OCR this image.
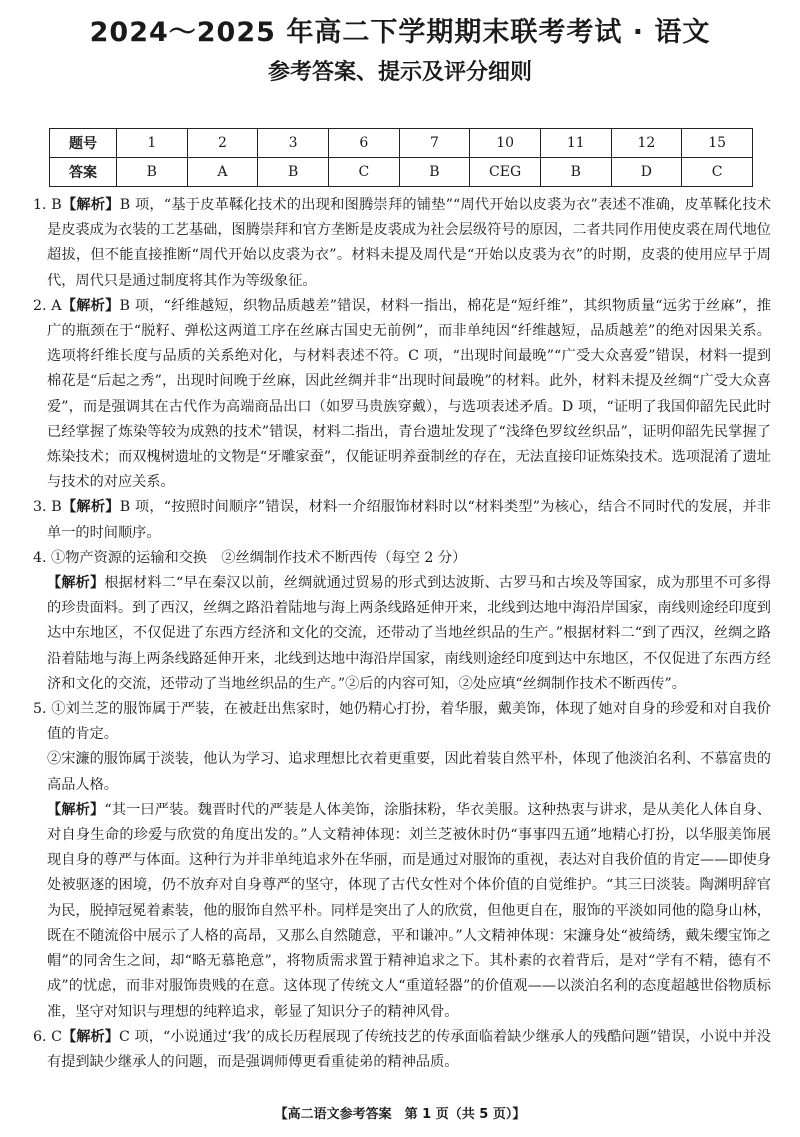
2024～2025 年高二下学期期末联考考试 · 语文
参考答案、提示及评分细则
题号	1	2	3	6	7	10	11	12	15
答案	B	A	B	C	B	CEG	B	D	C

1. B【解析】B 项，“基于皮革鞣化技术的出现和图腾崇拜的铺垫”“周代开始以皮裘为衣”表述不准确，皮革鞣化技术是皮裘成为衣装的工艺基础，图腾崇拜和官方垄断是皮裘成为社会层级符号的原因，二者共同作用使皮裘在周代地位超拔，但不能直接推断“周代开始以皮裘为衣”。材料未提及周代是“开始以皮裘为衣”的时期，皮裘的使用应早于周代，周代只是通过制度将其作为等级象征。

2. A【解析】B 项，“纤维越短，织物品质越差”错误，材料一指出，棉花是“短纤维”，其织物质量“远劣于丝麻”，推广的瓶颈在于“脱籽、弹松这两道工序在丝麻古国史无前例”，而非单纯因“纤维越短，品质越差”的绝对因果关系。选项将纤维长度与品质的关系绝对化，与材料表述不符。C 项，“出现时间最晚”“广受大众喜爱”错误，材料一提到棉花是“后起之秀”，出现时间晚于丝麻，因此丝绸并非“出现时间最晚”的材料。此外，材料未提及丝绸“广受大众喜爱”，而是强调其在古代作为高端商品出口（如罗马贵族穿戴），与选项表述矛盾。D 项，“证明了我国仰韶先民此时已经掌握了炼染等较为成熟的技术”错误，材料二指出，青台遗址发现了“浅绛色罗纹丝织品”，证明仰韶先民掌握了炼染技术；而双槐树遗址的文物是“牙雕家蚕”，仅能证明养蚕制丝的存在，无法直接印证炼染技术。选项混淆了遗址与技术的对应关系。

3. B【解析】B 项，“按照时间顺序”错误，材料一介绍服饰材料时以“材料类型”为核心，结合不同时代的发展，并非单一的时间顺序。

4. ①物产资源的运输和交换　②丝绸制作技术不断西传（每空 2 分）

【解析】根据材料二“早在秦汉以前，丝绸就通过贸易的形式到达波斯、古罗马和古埃及等国家，成为那里不可多得的珍贵面料。到了西汉，丝绸之路沿着陆地与海上两条线路延伸开来，北线到达地中海沿岸国家，南线则途经印度到达中东地区，不仅促进了东西方经济和文化的交流，还带动了当地丝织品的生产。”根据材料二“到了西汉，丝绸之路沿着陆地与海上两条线路延伸开来，北线到达地中海沿岸国家，南线则途经印度到达中东地区，不仅促进了东西方经济和文化的交流，还带动了当地丝织品的生产。”②后的内容可知，②处应填“丝绸制作技术不断西传”。

5. ①刘兰芝的服饰属于严装，在被赶出焦家时，她仍精心打扮，着华服，戴美饰，体现了她对自身的珍爱和对自我价值的肯定。

②宋濂的服饰属于淡装，他认为学习、追求理想比衣着更重要，因此着装自然平朴，体现了他淡泊名利、不慕富贵的高品人格。

【解析】“其一曰严装。魏晋时代的严装是人体美饰，涂脂抹粉，华衣美服。这种热衷与讲求，是从美化人体自身、对自身生命的珍爱与欣赏的角度出发的。”人文精神体现：刘兰芝被休时仍“事事四五通”地精心打扮，以华服美饰展现自身的尊严与体面。这种行为并非单纯追求外在华丽，而是通过对服饰的重视，表达对自我价值的肯定——即使身处被驱逐的困境，仍不放弃对自身尊严的坚守，体现了古代女性对个体价值的自觉维护。“其三曰淡装。陶渊明辞官为民，脱掉冠冕着素装，他的服饰自然平朴。同样是突出了人的欣赏，但他更自在，服饰的平淡如同他的隐身山林，既在不随流俗中展示了人格的高昂，又那么自然随意，平和谦冲。”人文精神体现：宋濂身处“被绮绣，戴朱缨宝饰之帽”的同舍生之间，却“略无慕艳意”，将物质需求置于精神追求之下。其朴素的衣着背后，是对“学有不精，德有不成”的忧虑，而非对服饰贵贱的在意。这体现了传统文人“重道轻器”的价值观——以淡泊名利的态度超越世俗物质标准，坚守对知识与理想的纯粹追求，彰显了知识分子的精神风骨。

6. C【解析】C 项，“小说通过‘我’的成长历程展现了传统技艺的传承面临着缺少继承人的残酷问题”错误，小说中并没有提到缺少继承人的问题，而是强调师傅更看重徒弟的精神品质。

【高二语文参考答案　第 1 页（共 5 页）】
